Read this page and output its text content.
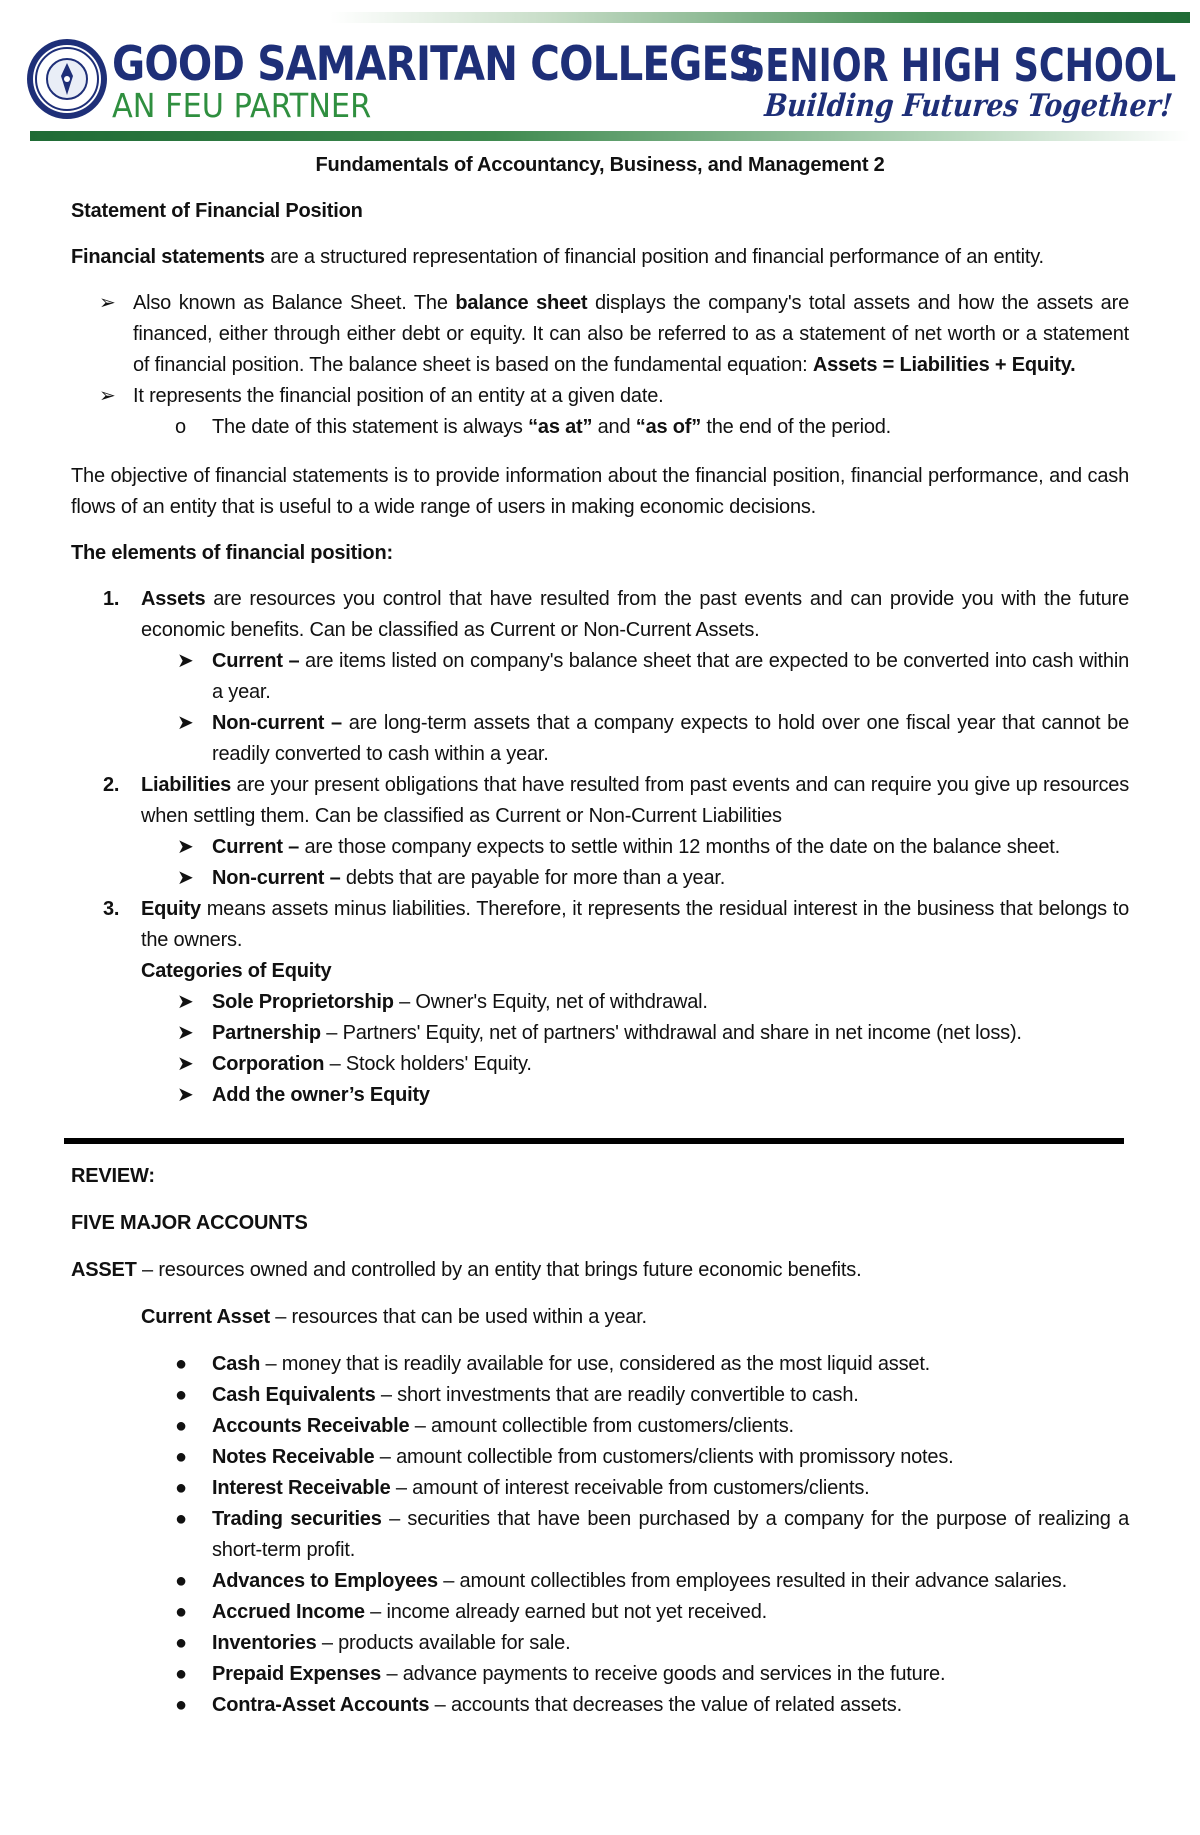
GOOD SAMARITAN COLLEGES
AN FEU PARTNER
SENIOR HIGH SCHOOL
Building Futures Together!

Fundamentals of Accountancy, Business, and Management 2

Statement of Financial Position

Financial statements are a structured representation of financial position and financial performance of an entity.

➢ Also known as Balance Sheet. The balance sheet displays the company's total assets and how the assets are financed, either through either debt or equity. It can also be referred to as a statement of net worth or a statement of financial position. The balance sheet is based on the fundamental equation: Assets = Liabilities + Equity.
➢ It represents the financial position of an entity at a given date.
o The date of this statement is always “as at” and “as of” the end of the period.

The objective of financial statements is to provide information about the financial position, financial performance, and cash flows of an entity that is useful to a wide range of users in making economic decisions.

The elements of financial position:

1. Assets are resources you control that have resulted from the past events and can provide you with the future economic benefits. Can be classified as Current or Non-Current Assets.
➤ Current – are items listed on company's balance sheet that are expected to be converted into cash within a year.
➤ Non-current – are long-term assets that a company expects to hold over one fiscal year that cannot be readily converted to cash within a year.
2. Liabilities are your present obligations that have resulted from past events and can require you give up resources when settling them. Can be classified as Current or Non-Current Liabilities
➤ Current – are those company expects to settle within 12 months of the date on the balance sheet.
➤ Non-current – debts that are payable for more than a year.
3. Equity means assets minus liabilities. Therefore, it represents the residual interest in the business that belongs to the owners.
Categories of Equity
➤ Sole Proprietorship – Owner's Equity, net of withdrawal.
➤ Partnership – Partners' Equity, net of partners' withdrawal and share in net income (net loss).
➤ Corporation – Stock holders' Equity.
➤ Add the owner’s Equity

REVIEW:

FIVE MAJOR ACCOUNTS

ASSET – resources owned and controlled by an entity that brings future economic benefits.

Current Asset – resources that can be used within a year.

● Cash – money that is readily available for use, considered as the most liquid asset.
● Cash Equivalents – short investments that are readily convertible to cash.
● Accounts Receivable – amount collectible from customers/clients.
● Notes Receivable – amount collectible from customers/clients with promissory notes.
● Interest Receivable – amount of interest receivable from customers/clients.
● Trading securities – securities that have been purchased by a company for the purpose of realizing a short-term profit.
● Advances to Employees – amount collectibles from employees resulted in their advance salaries.
● Accrued Income – income already earned but not yet received.
● Inventories – products available for sale.
● Prepaid Expenses – advance payments to receive goods and services in the future.
● Contra-Asset Accounts – accounts that decreases the value of related assets.
